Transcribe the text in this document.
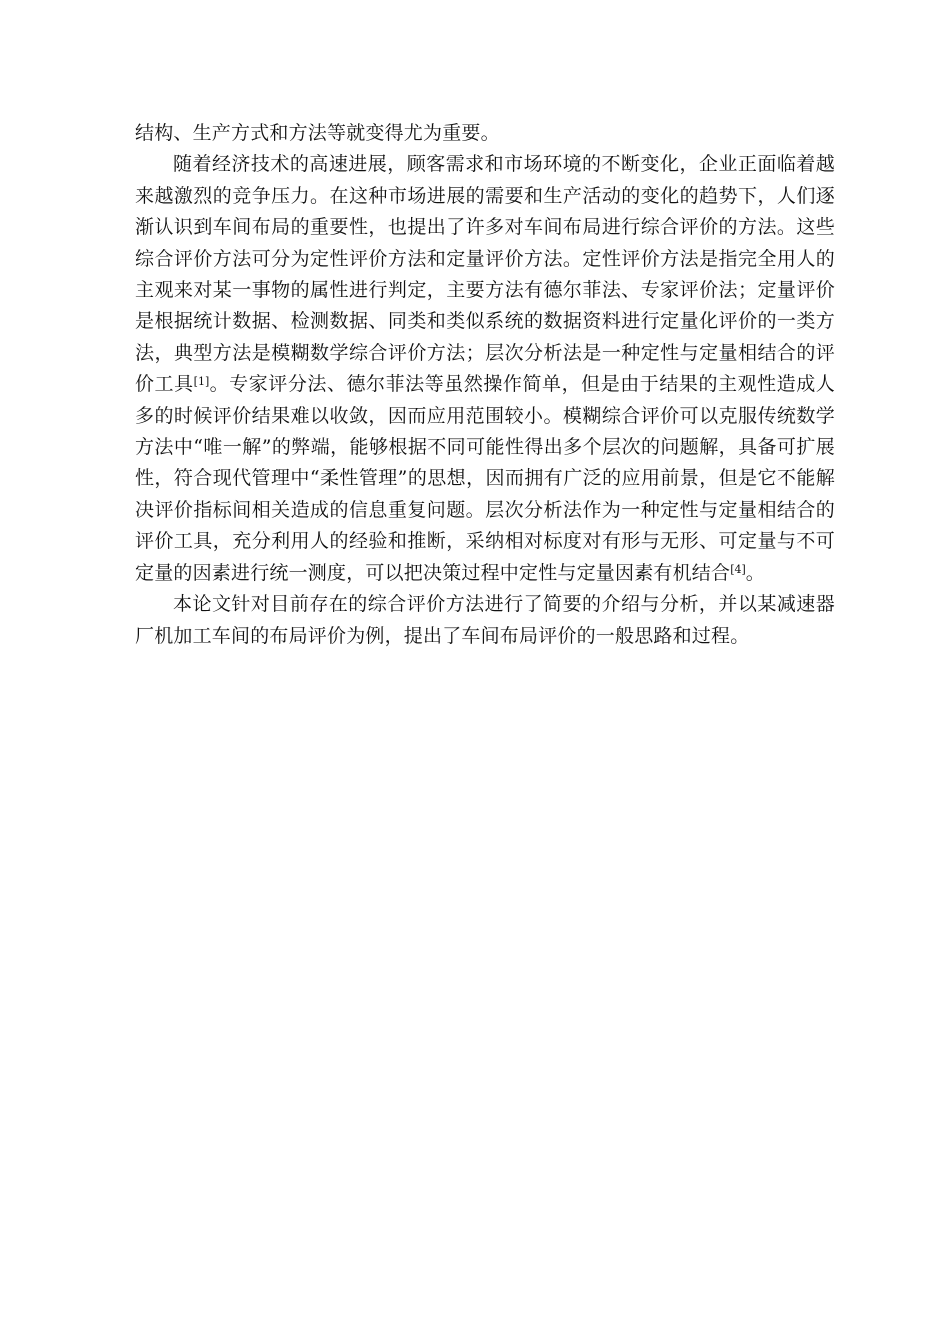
结构、生产方式和方法等就变得尤为重要。

随着经济技术的高速进展，顾客需求和市场环境的不断变化，企业正面临着越来越激烈的竞争压力。在这种市场进展的需要和生产活动的变化的趋势下，人们逐渐认识到车间布局的重要性，也提出了许多对车间布局进行综合评价的方法。这些综合评价方法可分为定性评价方法和定量评价方法。定性评价方法是指完全用人的主观来对某一事物的属性进行判定，主要方法有德尔菲法、专家评价法；定量评价是根据统计数据、检测数据、同类和类似系统的数据资料进行定量化评价的一类方法，典型方法是模糊数学综合评价方法；层次分析法是一种定性与定量相结合的评价工具[1]。专家评分法、德尔菲法等虽然操作简单，但是由于结果的主观性造成人多的时候评价结果难以收敛，因而应用范围较小。模糊综合评价可以克服传统数学方法中“唯一解”的弊端，能够根据不同可能性得出多个层次的问题解，具备可扩展性，符合现代管理中“柔性管理”的思想，因而拥有广泛的应用前景，但是它不能解决评价指标间相关造成的信息重复问题。层次分析法作为一种定性与定量相结合的评价工具，充分利用人的经验和推断，采纳相对标度对有形与无形、可定量与不可定量的因素进行统一测度，可以把决策过程中定性与定量因素有机结合[4]。

本论文针对目前存在的综合评价方法进行了简要的介绍与分析，并以某减速器厂机加工车间的布局评价为例，提出了车间布局评价的一般思路和过程。
